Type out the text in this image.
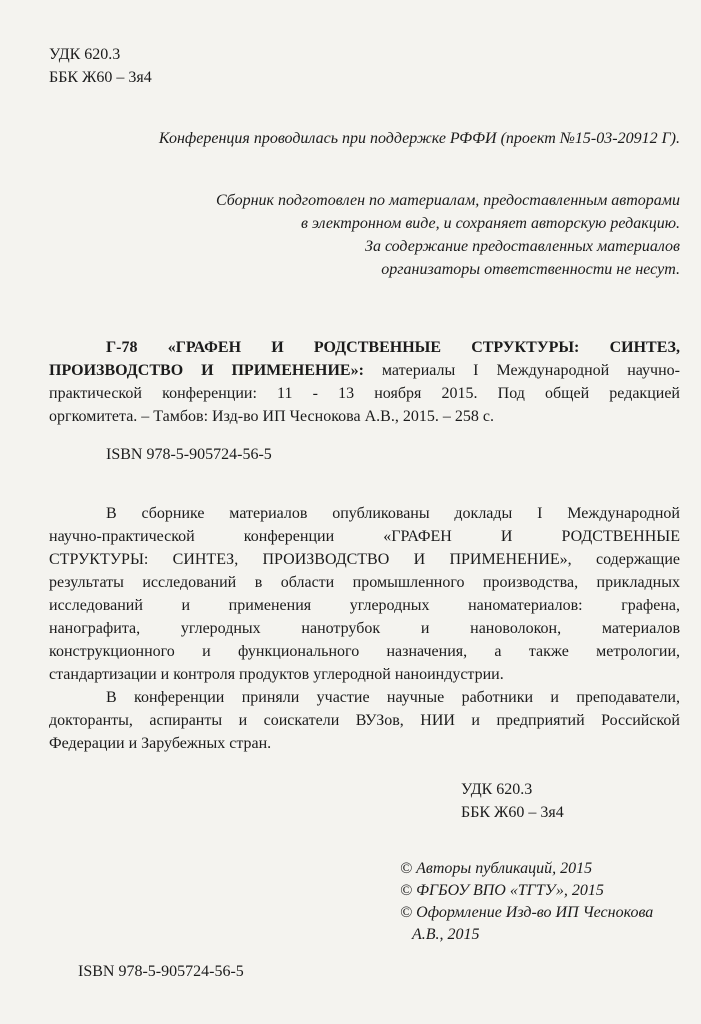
УДК 620.3
ББК Ж60 – 3я4
Конференция проводилась при поддержке РФФИ (проект №15-03-20912 Г).
Сборник подготовлен по материалам, предоставленным авторами
в электронном виде, и сохраняет авторскую редакцию.
За содержание предоставленных материалов
организаторы ответственности не несут.
Г-78 «ГРАФЕН И РОДСТВЕННЫЕ СТРУКТУРЫ: СИНТЕЗ,
ПРОИЗВОДСТВО И ПРИМЕНЕНИЕ»: материалы I Международной научно-
практической конференции: 11 - 13 ноября 2015. Под общей редакцией
оргкомитета. – Тамбов: Изд-во ИП Чеснокова А.В., 2015. – 258 с.
ISBN 978-5-905724-56-5
В сборнике материалов опубликованы доклады I Международной
научно-практической конференции «ГРАФЕН И РОДСТВЕННЫЕ
СТРУКТУРЫ: СИНТЕЗ, ПРОИЗВОДСТВО И ПРИМЕНЕНИЕ», содержащие
результаты исследований в области промышленного производства, прикладных
исследований и применения углеродных наноматериалов: графена,
нанографита, углеродных нанотрубок и нановолокон, материалов
конструкционного и функционального назначения, а также метрологии,
стандартизации и контроля продуктов углеродной наноиндустрии.
В конференции приняли участие научные работники и преподаватели,
докторанты, аспиранты и соискатели ВУЗов, НИИ и предприятий Российской
Федерации и Зарубежных стран.
УДК 620.3
ББК Ж60 – 3я4
© Авторы публикаций, 2015
© ФГБОУ ВПО «ТГТУ», 2015
© Оформление Изд-во ИП Чеснокова
А.В., 2015
ISBN 978-5-905724-56-5
